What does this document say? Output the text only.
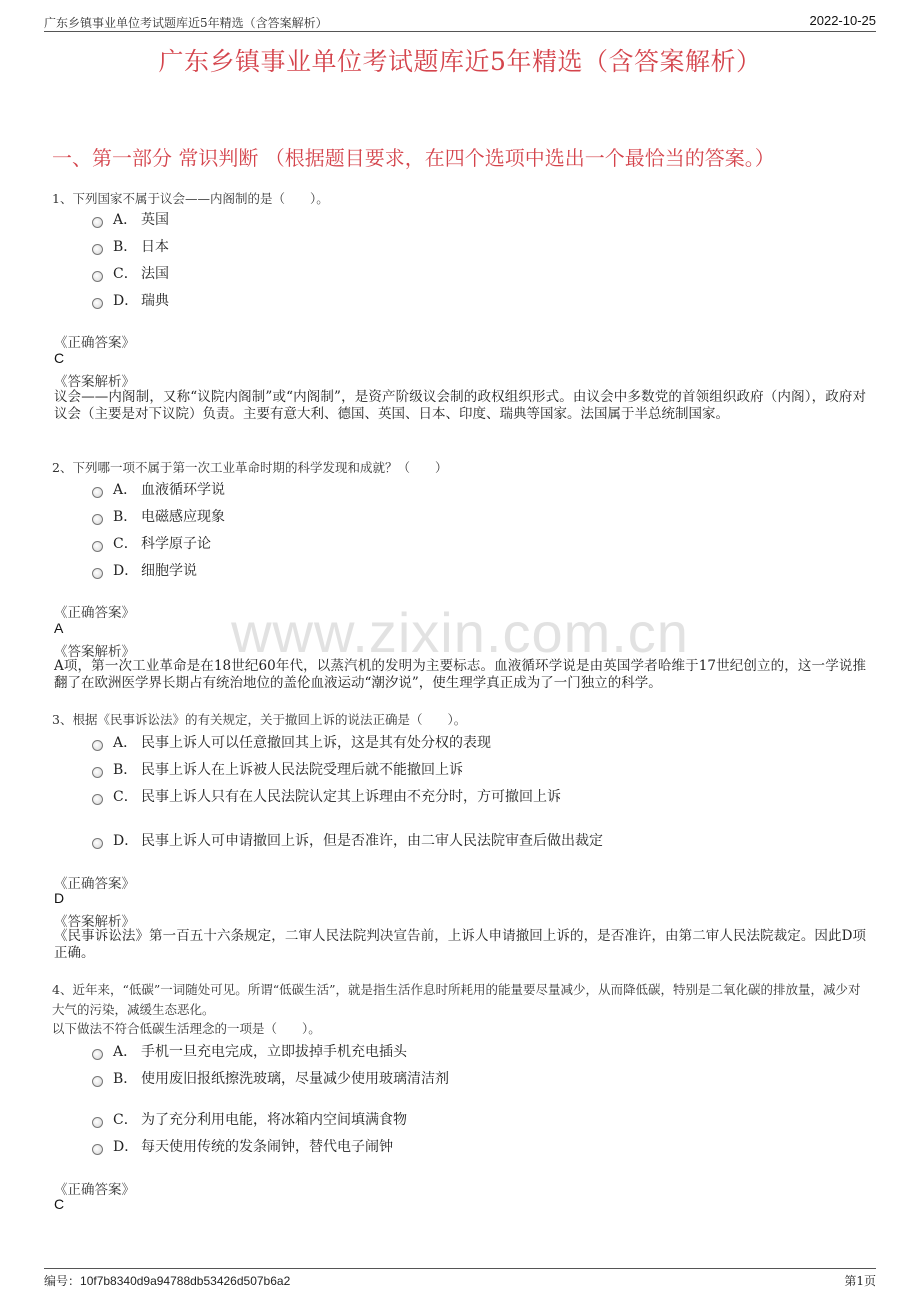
广东乡镇事业单位考试题库近5年精选（含答案解析）	2022-10-25
www.zixin.com.cn
广东乡镇事业单位考试题库近5年精选（含答案解析）
一、第一部分 常识判断 （根据题目要求，在四个选项中选出一个最恰当的答案。）
1、下列国家不属于议会——内阁制的是（　　）。
A． 英国
B． 日本
C． 法国
D． 瑞典
《正确答案》
C
《答案解析》
议会——内阁制，又称“议院内阁制”或“内阁制”，是资产阶级议会制的政权组织形式。由议会中多数党的首领组织政府（内阁），政府对议会（主要是对下议院）负责。主要有意大利、德国、英国、日本、印度、瑞典等国家。法国属于半总统制国家。
2、下列哪一项不属于第一次工业革命时期的科学发现和成就？（　　）
A． 血液循环学说
B． 电磁感应现象
C． 科学原子论
D． 细胞学说
《正确答案》
A
《答案解析》
A项，第一次工业革命是在18世纪60年代，以蒸汽机的发明为主要标志。血液循环学说是由英国学者哈维于17世纪创立的，这一学说推翻了在欧洲医学界长期占有统治地位的盖伦血液运动“潮汐说”，使生理学真正成为了一门独立的科学。
3、根据《民事诉讼法》的有关规定，关于撤回上诉的说法正确是（　　）。
A． 民事上诉人可以任意撤回其上诉，这是其有处分权的表现
B． 民事上诉人在上诉被人民法院受理后就不能撤回上诉
C． 民事上诉人只有在人民法院认定其上诉理由不充分时，方可撤回上诉
D． 民事上诉人可申请撤回上诉，但是否准许，由二审人民法院审查后做出裁定
《正确答案》
D
《答案解析》
《民事诉讼法》第一百五十六条规定，二审人民法院判决宣告前，上诉人申请撤回上诉的，是否准许，由第二审人民法院裁定。因此D项正确。
4、近年来，“低碳”一词随处可见。所谓“低碳生活”，就是指生活作息时所耗用的能量要尽量减少，从而降低碳，特别是二氧化碳的排放量，减少对大气的污染，减缓生态恶化。
以下做法不符合低碳生活理念的一项是（　　）。
A． 手机一旦充电完成，立即拔掉手机充电插头
B． 使用废旧报纸擦洗玻璃，尽量减少使用玻璃清洁剂
C． 为了充分利用电能，将冰箱内空间填满食物
D． 每天使用传统的发条闹钟，替代电子闹钟
《正确答案》
C
编号：10f7b8340d9a94788db53426d507b6a2	第1页
